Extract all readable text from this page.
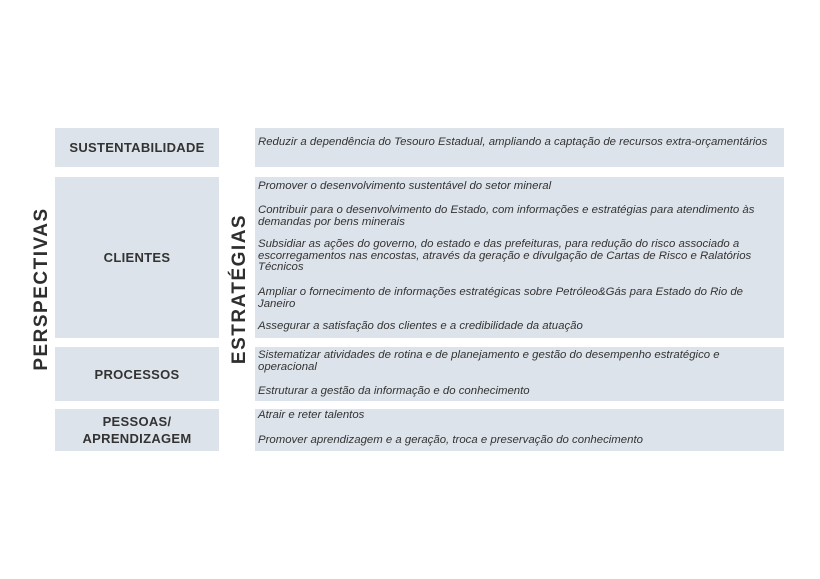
PERSPECTIVAS	ESTRATÉGIAS
SUSTENTABILIDADE
CLIENTES
PROCESSOS
PESSOAS/ APRENDIZAGEM
Reduzir a dependência do Tesouro Estadual, ampliando a captação de recursos extra-orçamentários
Promover o desenvolvimento sustentável do setor mineral
Contribuir para o desenvolvimento do Estado, com informações e estratégias para atendimento às demandas por bens minerais
Subsidiar as ações do governo, do estado e das prefeituras, para redução do risco associado a escorregamentos nas encostas, através da geração e divulgação de Cartas de Risco e Ralatórios Técnicos
Ampliar o fornecimento de informações estratégicas sobre Petróleo&Gás para Estado do Rio de Janeiro
Assegurar a satisfação dos clientes e a credibilidade da atuação
Sistematizar atividades de rotina e de planejamento e gestão do desempenho estratégico e operacional
Estruturar a gestão da informação e do conhecimento
Atrair e reter talentos
Promover aprendizagem e a geração, troca e preservação do conhecimento
